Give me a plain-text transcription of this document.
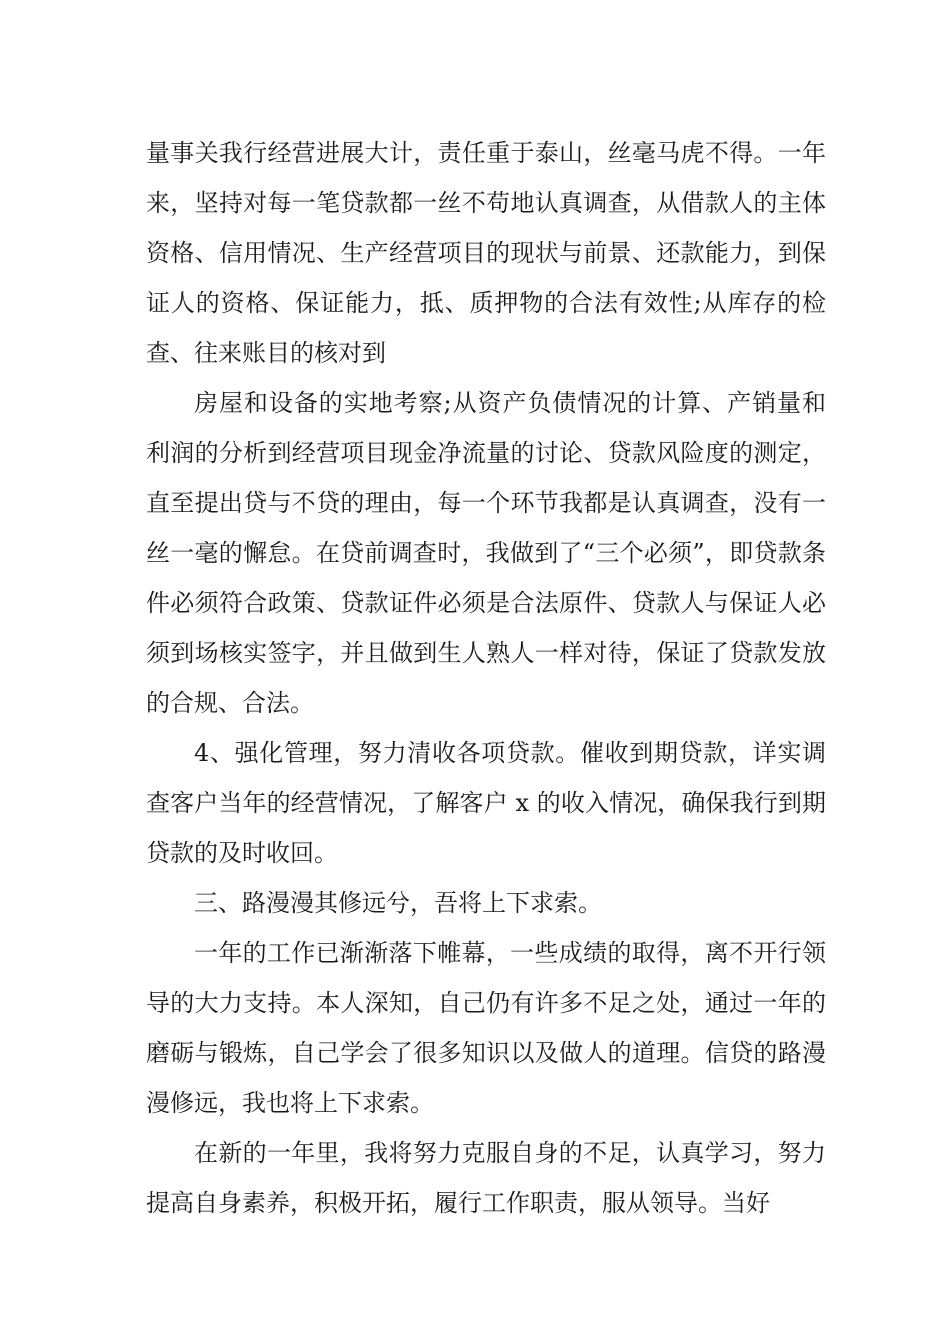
量事关我行经营进展大计，责任重于泰山，丝毫马虎不得。一年来，坚持对每一笔贷款都一丝不苟地认真调查，从借款人的主体资格、信用情况、生产经营项目的现状与前景、还款能力，到保证人的资格、保证能力，抵、质押物的合法有效性;从库存的检查、往来账目的核对到

房屋和设备的实地考察;从资产负债情况的计算、产销量和利润的分析到经营项目现金净流量的讨论、贷款风险度的测定，直至提出贷与不贷的理由，每一个环节我都是认真调查，没有一丝一毫的懈怠。在贷前调查时，我做到了“三个必须”，即贷款条件必须符合政策、贷款证件必须是合法原件、贷款人与保证人必须到场核实签字，并且做到生人熟人一样对待，保证了贷款发放的合规、合法。

4、强化管理，努力清收各项贷款。催收到期贷款，详实调查客户当年的经营情况，了解客户 x 的收入情况，确保我行到期贷款的及时收回。

三、路漫漫其修远兮，吾将上下求索。

一年的工作已渐渐落下帷幕，一些成绩的取得，离不开行领导的大力支持。本人深知，自己仍有许多不足之处，通过一年的磨砺与锻炼，自己学会了很多知识以及做人的道理。信贷的路漫漫修远，我也将上下求索。

在新的一年里，我将努力克服自身的不足，认真学习，努力提高自身素养，积极开拓，履行工作职责，服从领导。当好
